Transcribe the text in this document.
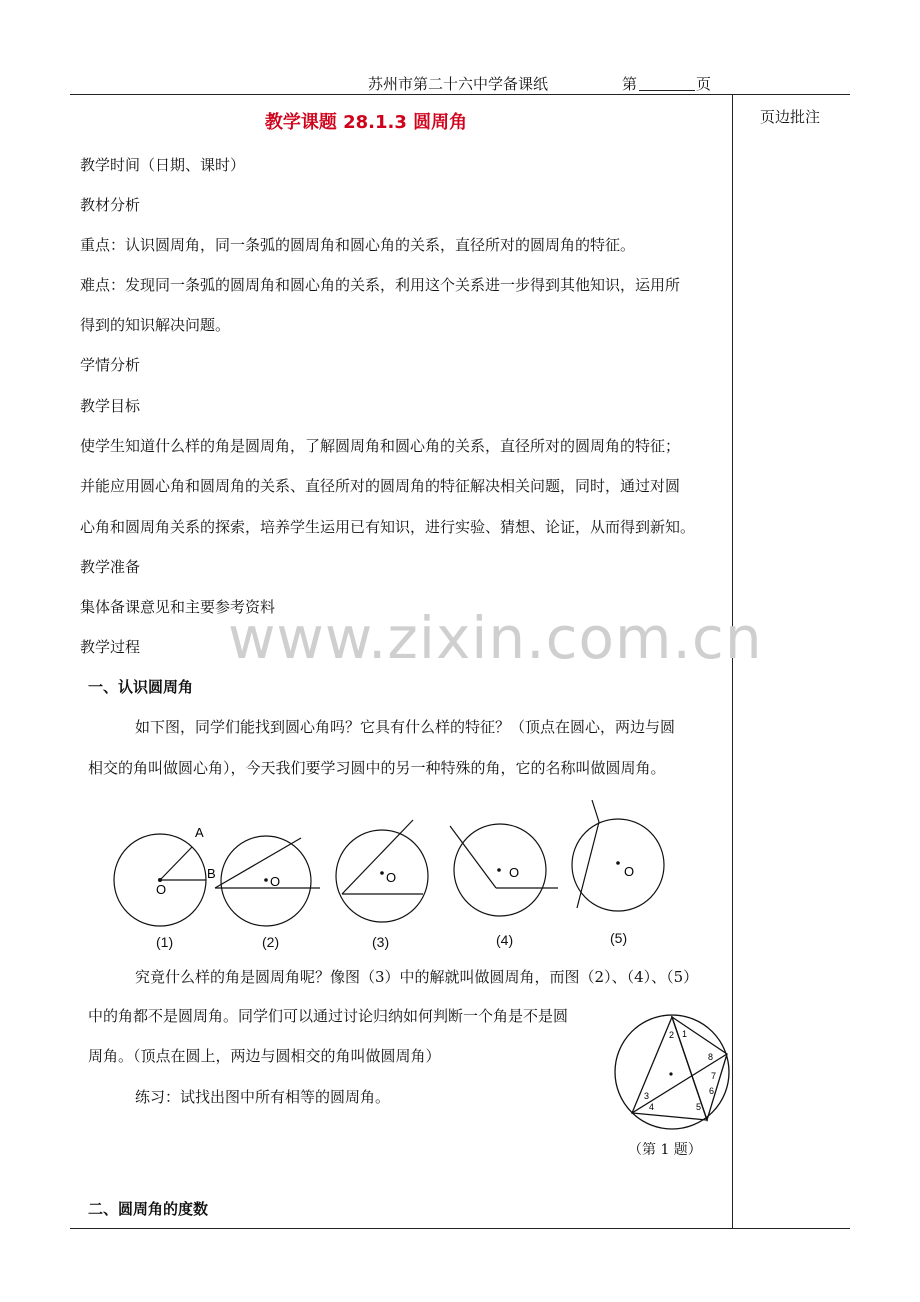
苏州市第二十六中学备课纸	第	页
页边批注
教学课题 28.1.3 圆周角
www.zixin.com.cn
教学时间（日期、课时）
教材分析
重点：认识圆周角，同一条弧的圆周角和圆心角的关系，直径所对的圆周角的特征。
难点：发现同一条弧的圆周角和圆心角的关系，利用这个关系进一步得到其他知识，运用所
得到的知识解决问题。
学情分析
教学目标
使学生知道什么样的角是圆周角，了解圆周角和圆心角的关系，直径所对的圆周角的特征；
并能应用圆心角和圆周角的关系、直径所对的圆周角的特征解决相关问题，同时，通过对圆
心角和圆周角关系的探索，培养学生运用已有知识，进行实验、猜想、论证，从而得到新知。
教学准备
集体备课意见和主要参考资料
教学过程
一、认识圆周角
如下图，同学们能找到圆心角吗？它具有什么样的特征？（顶点在圆心，两边与圆
相交的角叫做圆心角），今天我们要学习圆中的另一种特殊的角，它的名称叫做圆周角。
A
B
O
O	O	O	O
(1)	(2)	(3)	(4)	(5)
究竟什么样的角是圆周角呢？像图（3）中的解就叫做圆周角，而图（2）、（4）、（5）
中的角都不是圆周角。同学们可以通过讨论归纳如何判断一个角是不是圆
周角。（顶点在圆上，两边与圆相交的角叫做圆周角）
练习：试找出图中所有相等的圆周角。
1
2
3
4	5
6
7
8
（第 1 题）
二、圆周角的度数
